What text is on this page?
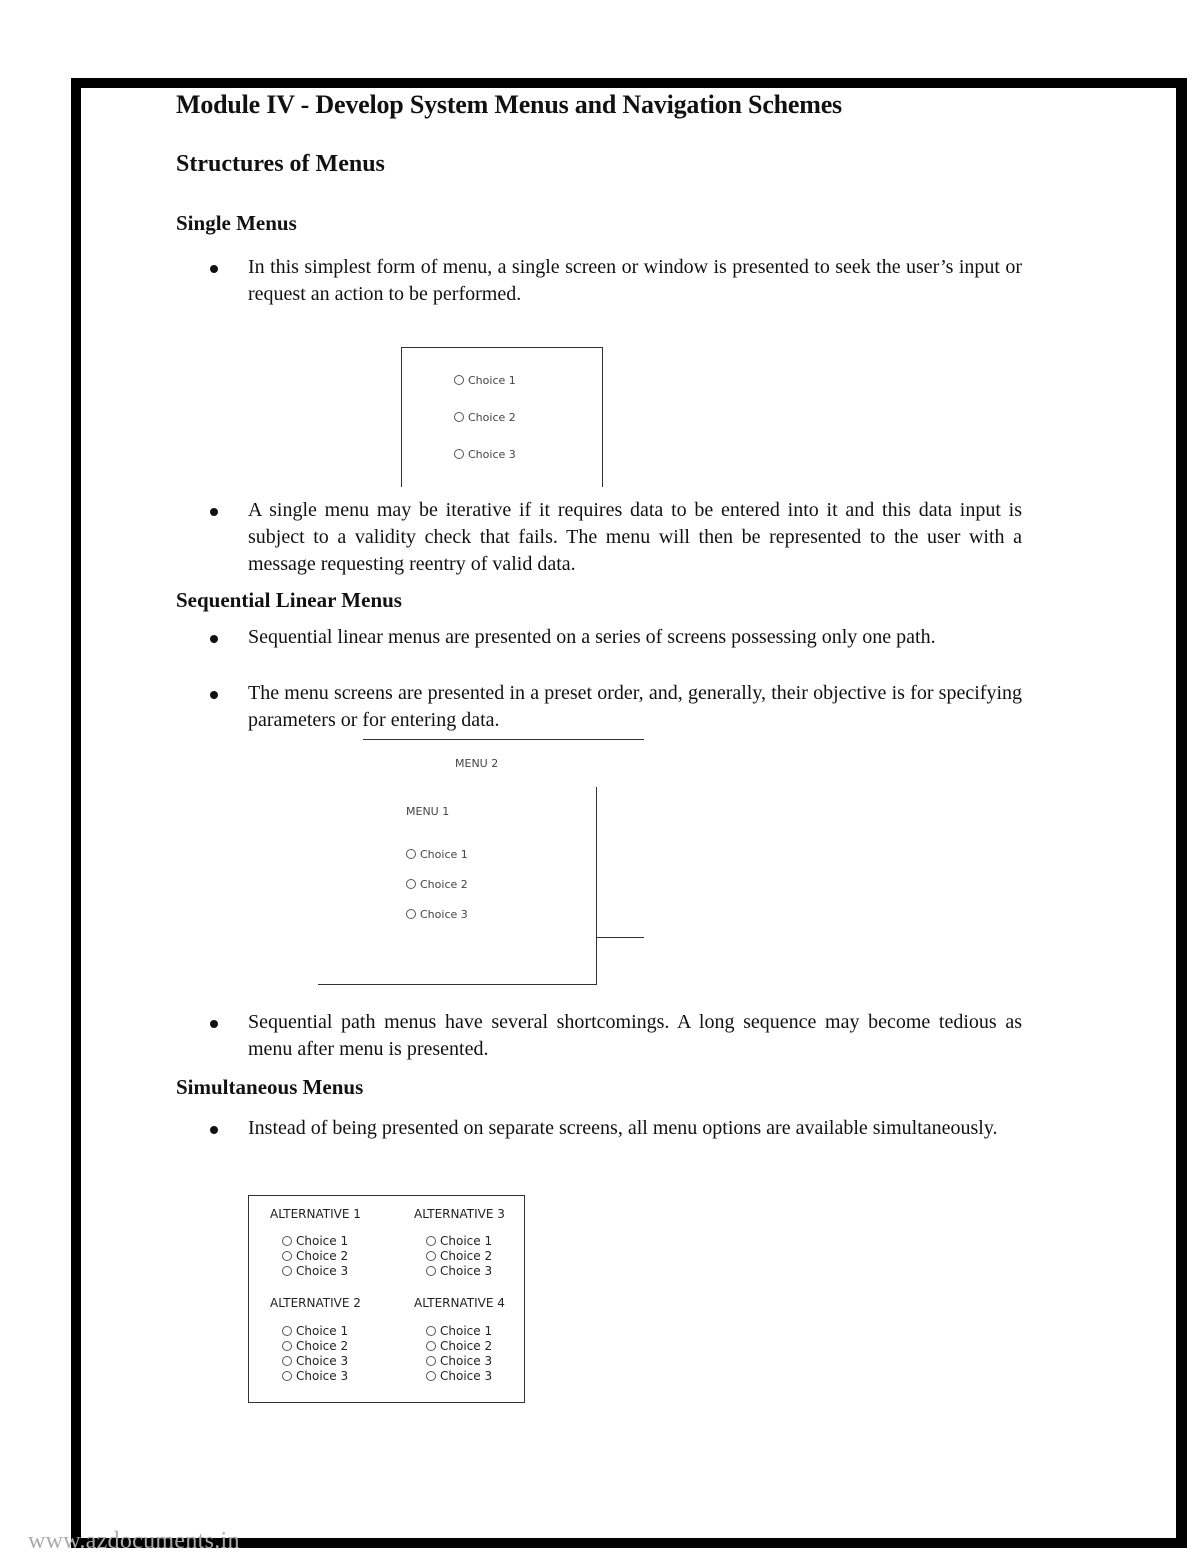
Module IV - Develop System Menus and Navigation Schemes
Structures of Menus
Single Menus
In this simplest form of menu, a single screen or window is presented to seek the user’s input or request an action to be performed.
Choice 1
Choice 2
Choice 3
A single menu may be iterative if it requires data to be entered into it and this data input is subject to a validity check that fails. The menu will then be represented to the user with a message requesting reentry of valid data.
Sequential Linear Menus
Sequential linear menus are presented on a series of screens possessing only one path.
The menu screens are presented in a preset order, and, generally, their objective is for specifying parameters or for entering data.
MENU 2
MENU 1
Choice 1
Choice 2
Choice 3
Sequential path menus have several shortcomings. A long sequence may become tedious as menu after menu is presented.
Simultaneous Menus
Instead of being presented on separate screens, all menu options are available simultaneously.
ALTERNATIVE 1	ALTERNATIVE 3
Choice 1
Choice 2
Choice 3
Choice 1
Choice 2
Choice 3
ALTERNATIVE 2	ALTERNATIVE 4
Choice 1
Choice 2
Choice 3
Choice 3
Choice 1
Choice 2
Choice 3
Choice 3
www.azdocuments.in
